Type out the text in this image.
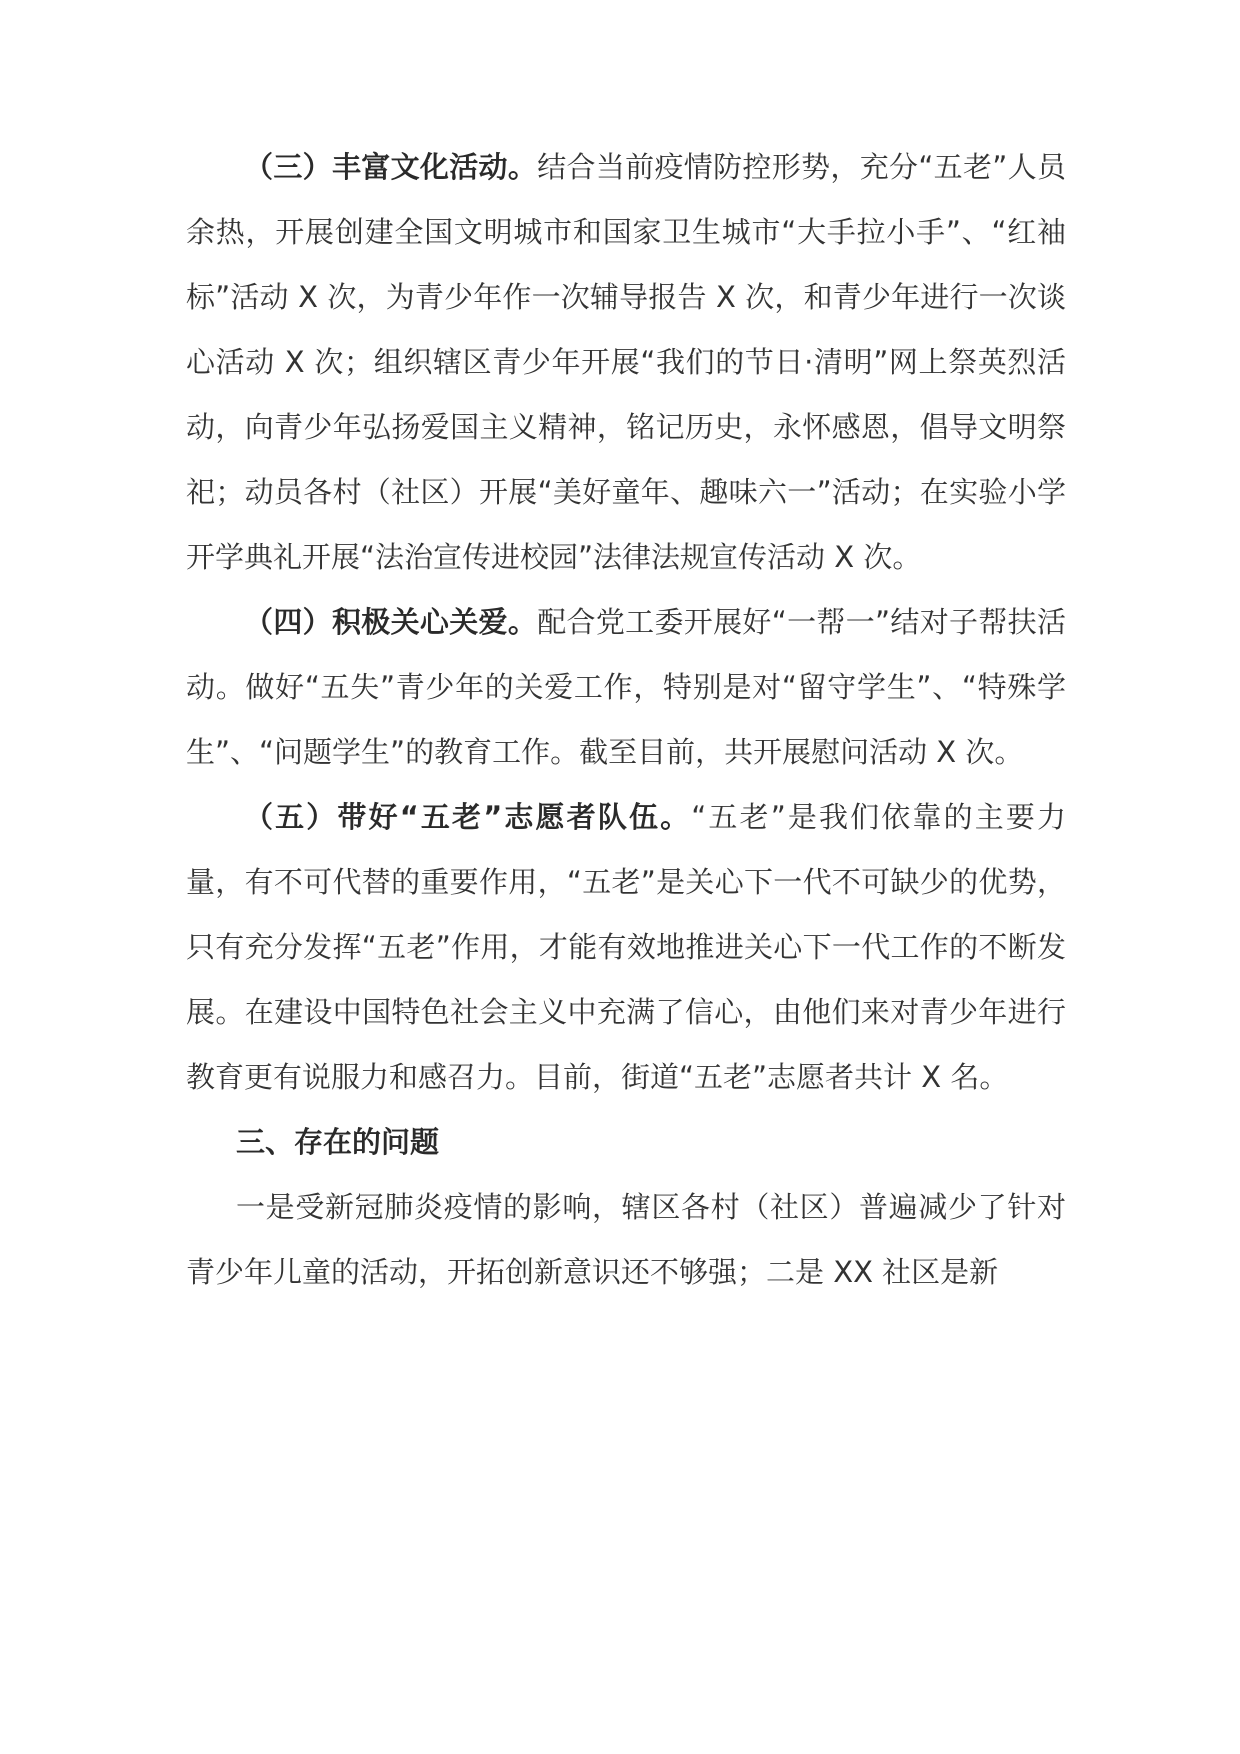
（三）丰富文化活动。结合当前疫情防控形势，充分“五老”人员余热，开展创建全国文明城市和国家卫生城市“大手拉小手”、“红袖标”活动 X 次，为青少年作一次辅导报告 X 次，和青少年进行一次谈心活动 X 次；组织辖区青少年开展“我们的节日·清明”网上祭英烈活动，向青少年弘扬爱国主义精神，铭记历史，永怀感恩，倡导文明祭祀；动员各村（社区）开展“美好童年、趣味六一”活动；在实验小学开学典礼开展“法治宣传进校园”法律法规宣传活动 X 次。

（四）积极关心关爱。配合党工委开展好“一帮一”结对子帮扶活动。做好“五失”青少年的关爱工作，特别是对“留守学生”、“特殊学生”、“问题学生”的教育工作。截至目前，共开展慰问活动 X 次。

（五）带好“五老”志愿者队伍。“五老”是我们依靠的主要力量，有不可代替的重要作用，“五老”是关心下一代不可缺少的优势，只有充分发挥“五老”作用，才能有效地推进关心下一代工作的不断发展。在建设中国特色社会主义中充满了信心，由他们来对青少年进行教育更有说服力和感召力。目前，街道“五老”志愿者共计 X 名。

三、存在的问题

一是受新冠肺炎疫情的影响，辖区各村（社区）普遍减少了针对青少年儿童的活动，开拓创新意识还不够强；二是 XX 社区是新
